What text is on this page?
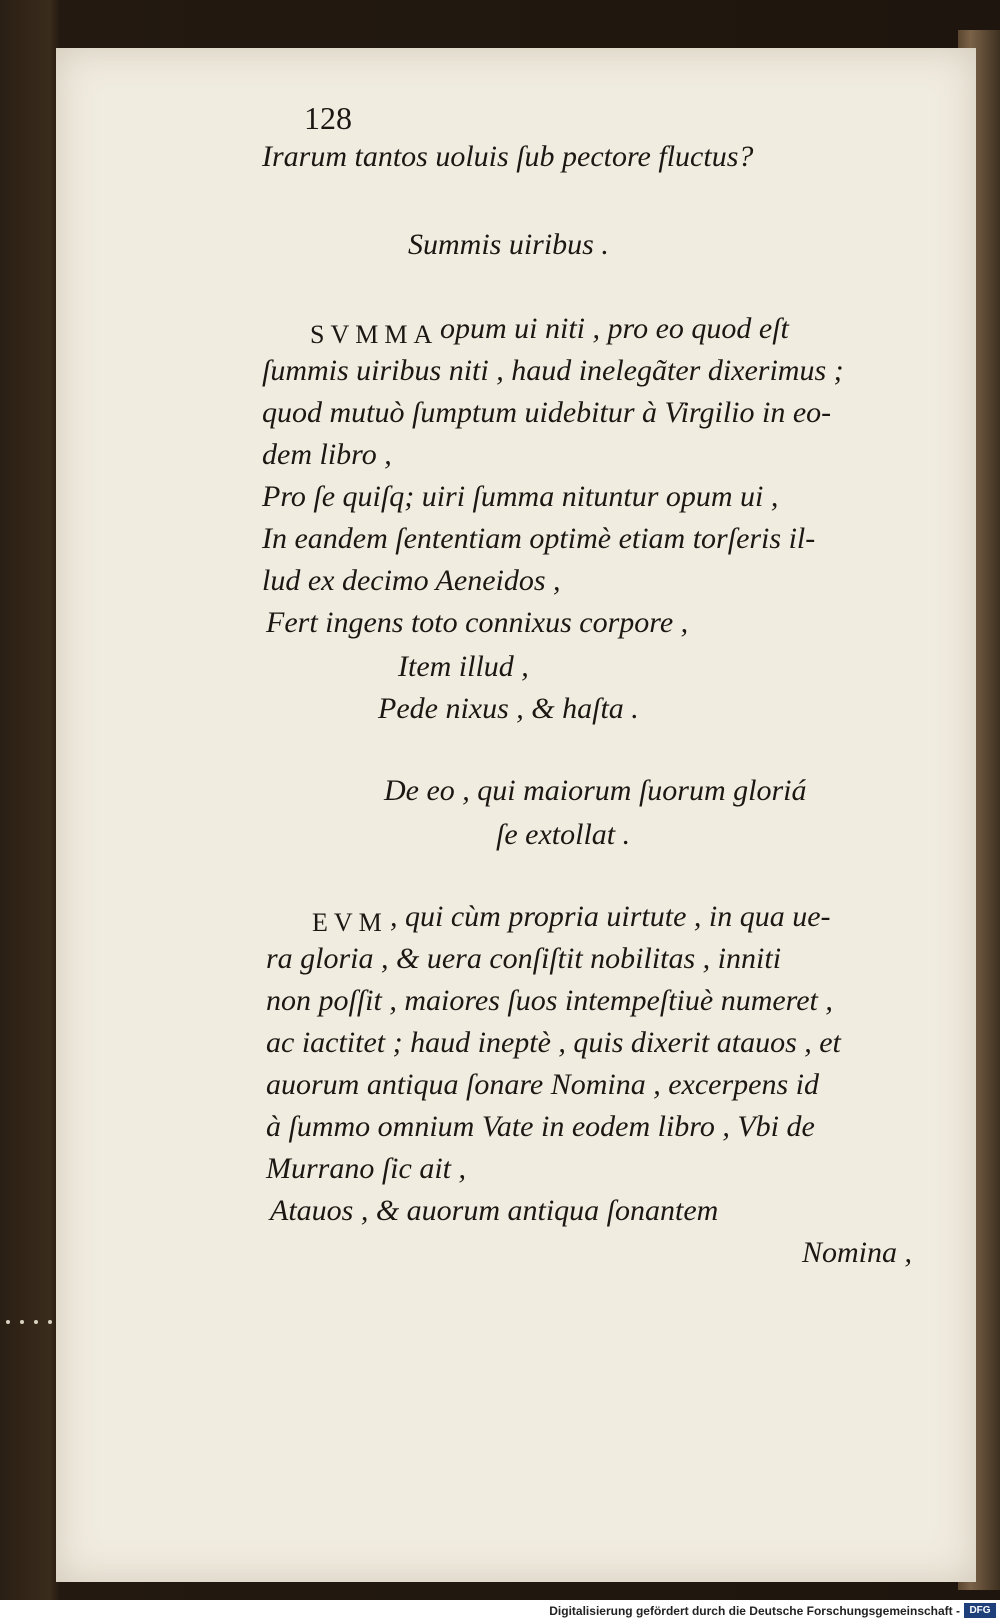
128
Irarum tantos uoluis ſub pectore fluctus?
Summis uiribus .
SVMMA opum ui niti , pro eo quod eſt
ſummis uiribus niti , haud inelegãter dixerimus ;
quod mutuò ſumptum uidebitur à Virgilio in eo-
dem libro ,
Pro ſe quiſq; uiri ſumma nituntur opum ui ,
In eandem ſententiam optimè etiam torſeris il-
lud ex decimo Aeneidos ,
Fert ingens toto connixus corpore ,
Item illud ,
Pede nixus , & haſta .
De eo , qui maiorum ſuorum gloriá
ſe extollat .
EVM , qui cùm propria uirtute , in qua ue-
ra gloria , & uera conſiſtit nobilitas , inniti
non poſſit , maiores ſuos intempeſtiuè numeret ,
ac iactitet ; haud ineptè , quis dixerit atauos , et
auorum antiqua ſonare Nomina , excerpens id
à ſummo omnium Vate in eodem libro , Vbi de
Murrano ſic ait ,
Atauos , & auorum antiqua ſonantem
Nomina ,
Digitalisierung gefördert durch die Deutsche Forschungsgemeinschaft - DFG
